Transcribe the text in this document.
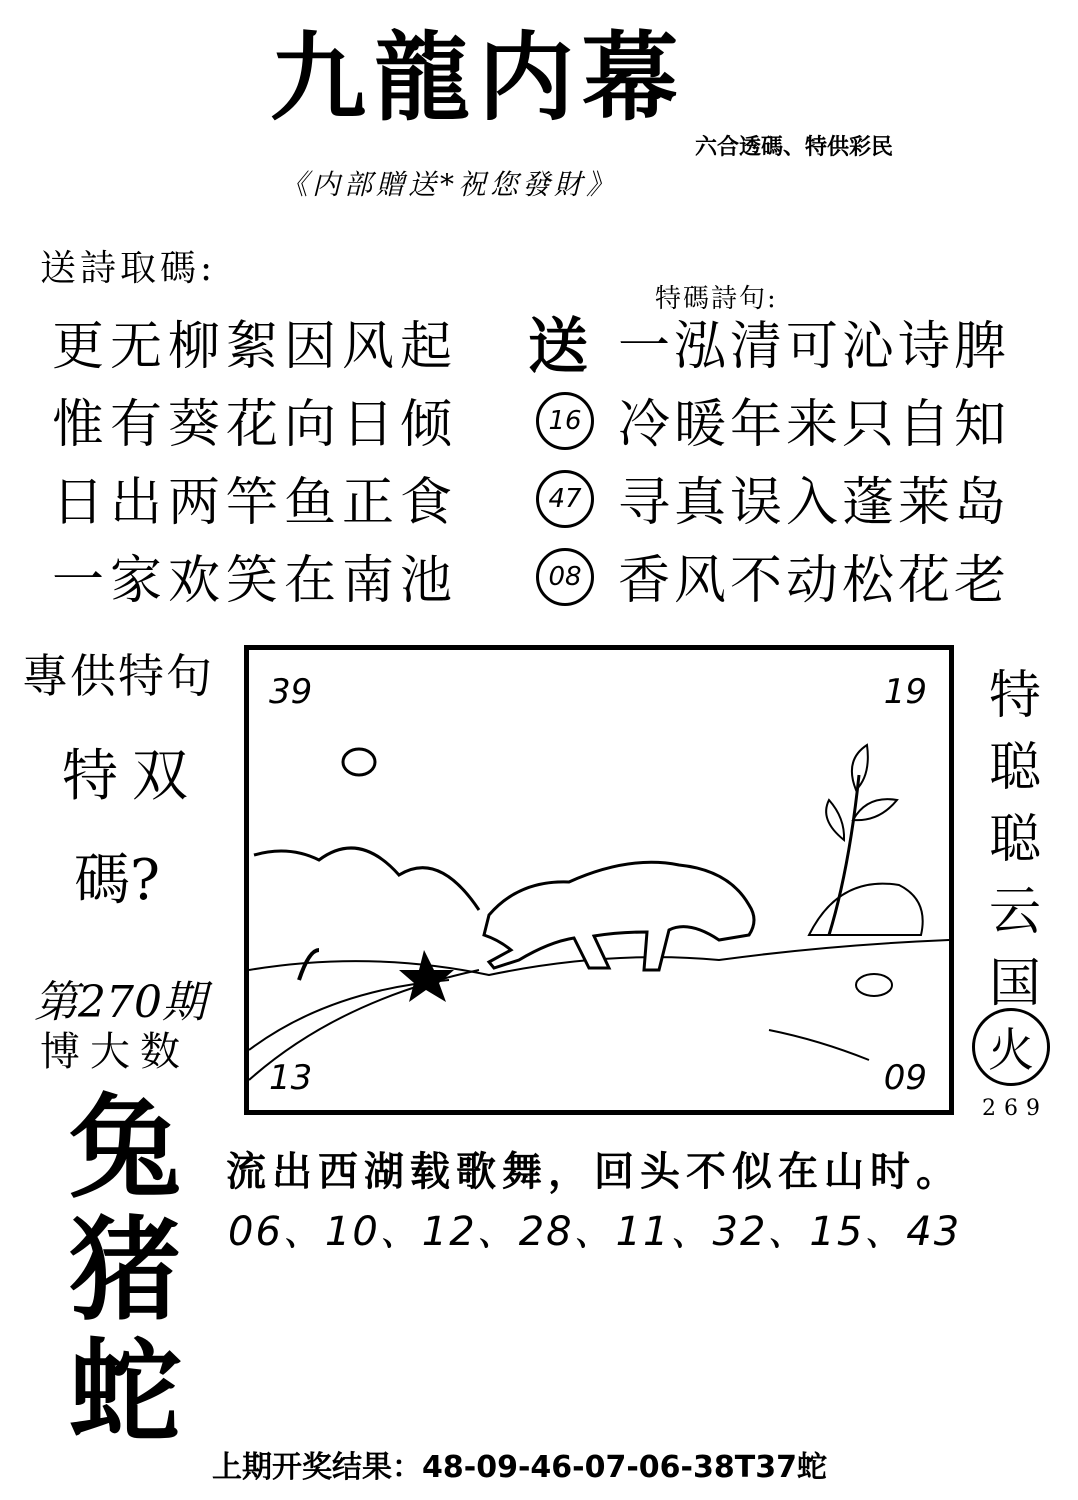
九龍内幕
六合透碼、特供彩民
《内部贈送*祝您發財》
送詩取碼:
更无柳絮因风起
惟有葵花向日倾
日出两竿鱼正食
一家欢笑在南池
特碼詩句:
送
16
47
08
一泓清可沁诗脾
冷暖年来只自知
寻真误入蓬莱岛
香风不动松花老
專供特句
特双
碼?
第270期
博大数
兔
猪
蛇
39	19
13	09
特
聪
聪
云
国
火
269
流出西湖载歌舞，回头不似在山时。
06、10、12、28、11、32、15、43
上期开奖结果：48-09-46-07-06-38T37蛇
